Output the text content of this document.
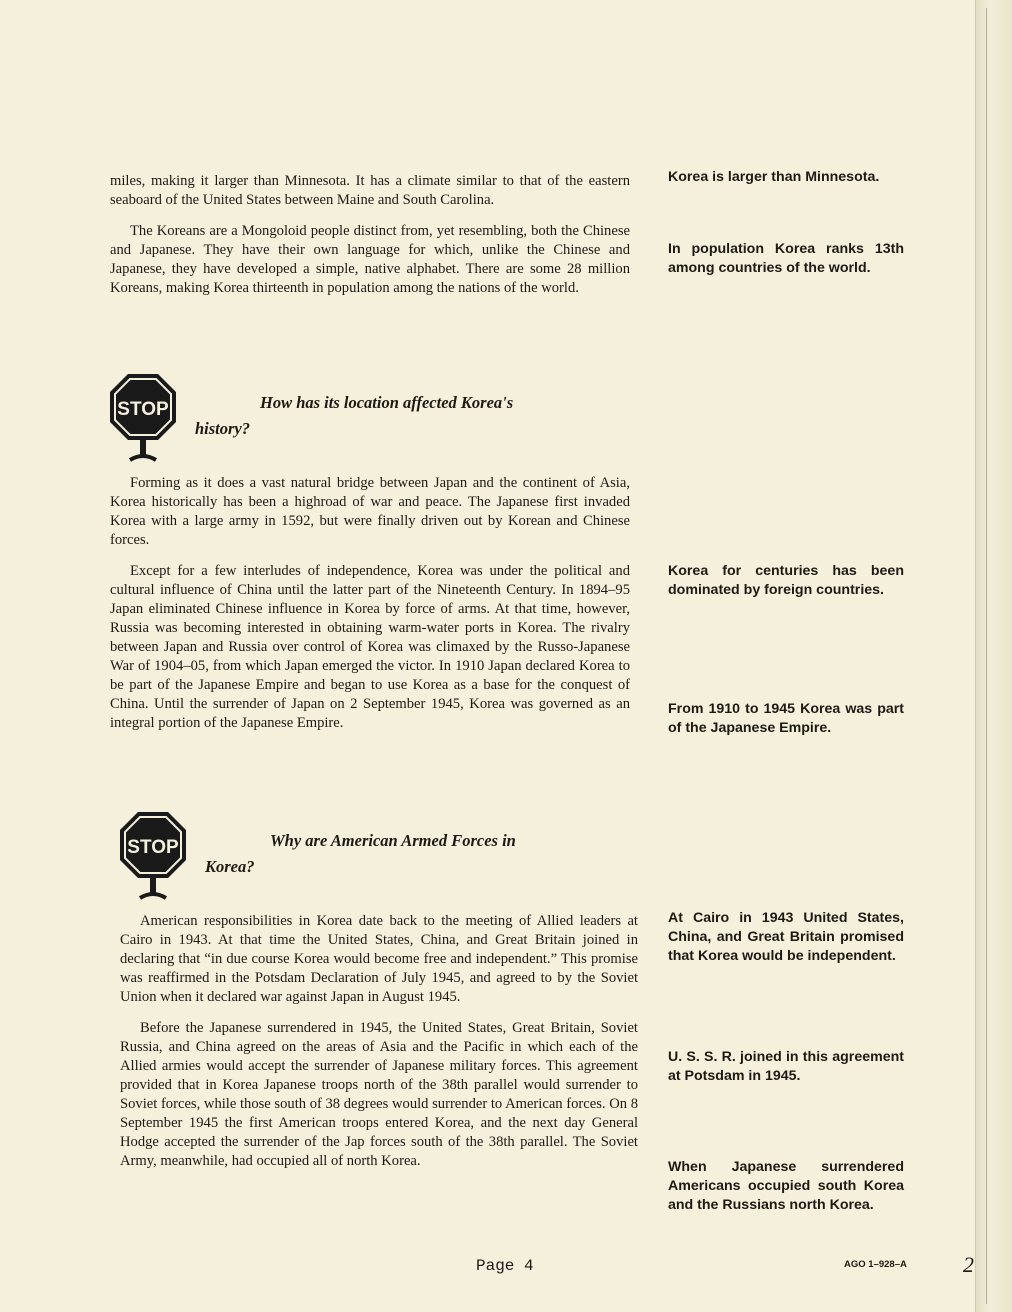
miles, making it larger than Minnesota. It has a climate similar to that of the eastern seaboard of the United States between Maine and South Carolina.

The Koreans are a Mongoloid people distinct from, yet resembling, both the Chinese and Japanese. They have their own language for which, unlike the Chinese and Japanese, they have developed a simple, native alphabet. There are some 28 million Koreans, making Korea thirteenth in population among the nations of the world.

STOP	How has its location affected Korea's
history?

Forming as it does a vast natural bridge between Japan and the continent of Asia, Korea historically has been a highroad of war and peace. The Japanese first invaded Korea with a large army in 1592, but were finally driven out by Korean and Chinese forces.

Except for a few interludes of independence, Korea was under the political and cultural influence of China until the latter part of the Nineteenth Century. In 1894–95 Japan eliminated Chinese influence in Korea by force of arms. At that time, however, Russia was becoming interested in obtaining warm-water ports in Korea. The rivalry between Japan and Russia over control of Korea was climaxed by the Russo-Japanese War of 1904–05, from which Japan emerged the victor. In 1910 Japan declared Korea to be part of the Japanese Empire and began to use Korea as a base for the conquest of China. Until the surrender of Japan on 2 September 1945, Korea was governed as an integral portion of the Japanese Empire.

STOP	Why are American Armed Forces in
Korea?

American responsibilities in Korea date back to the meeting of Allied leaders at Cairo in 1943. At that time the United States, China, and Great Britain joined in declaring that “in due course Korea would become free and independent.” This promise was reaffirmed in the Potsdam Declaration of July 1945, and agreed to by the Soviet Union when it declared war against Japan in August 1945.

Before the Japanese surrendered in 1945, the United States, Great Britain, Soviet Russia, and China agreed on the areas of Asia and the Pacific in which each of the Allied armies would accept the surrender of Japanese military forces. This agreement provided that in Korea Japanese troops north of the 38th parallel would surrender to Soviet forces, while those south of 38 degrees would surrender to American forces. On 8 September 1945 the first American troops entered Korea, and the next day General Hodge accepted the surrender of the Jap forces south of the 38th parallel. The Soviet Army, meanwhile, had occupied all of north Korea.

Korea is larger than Minnesota.
In population Korea ranks 13th among countries of the world.
Korea for centuries has been dominated by foreign countries.
From 1910 to 1945 Korea was part of the Japanese Empire.
At Cairo in 1943 United States, China, and Great Britain promised that Korea would be independent.
U. S. S. R. joined in this agreement at Potsdam in 1945.
When Japanese surrendered Americans occupied south Korea and the Russians north Korea.
Page 4	AGO 1–928–A	2
